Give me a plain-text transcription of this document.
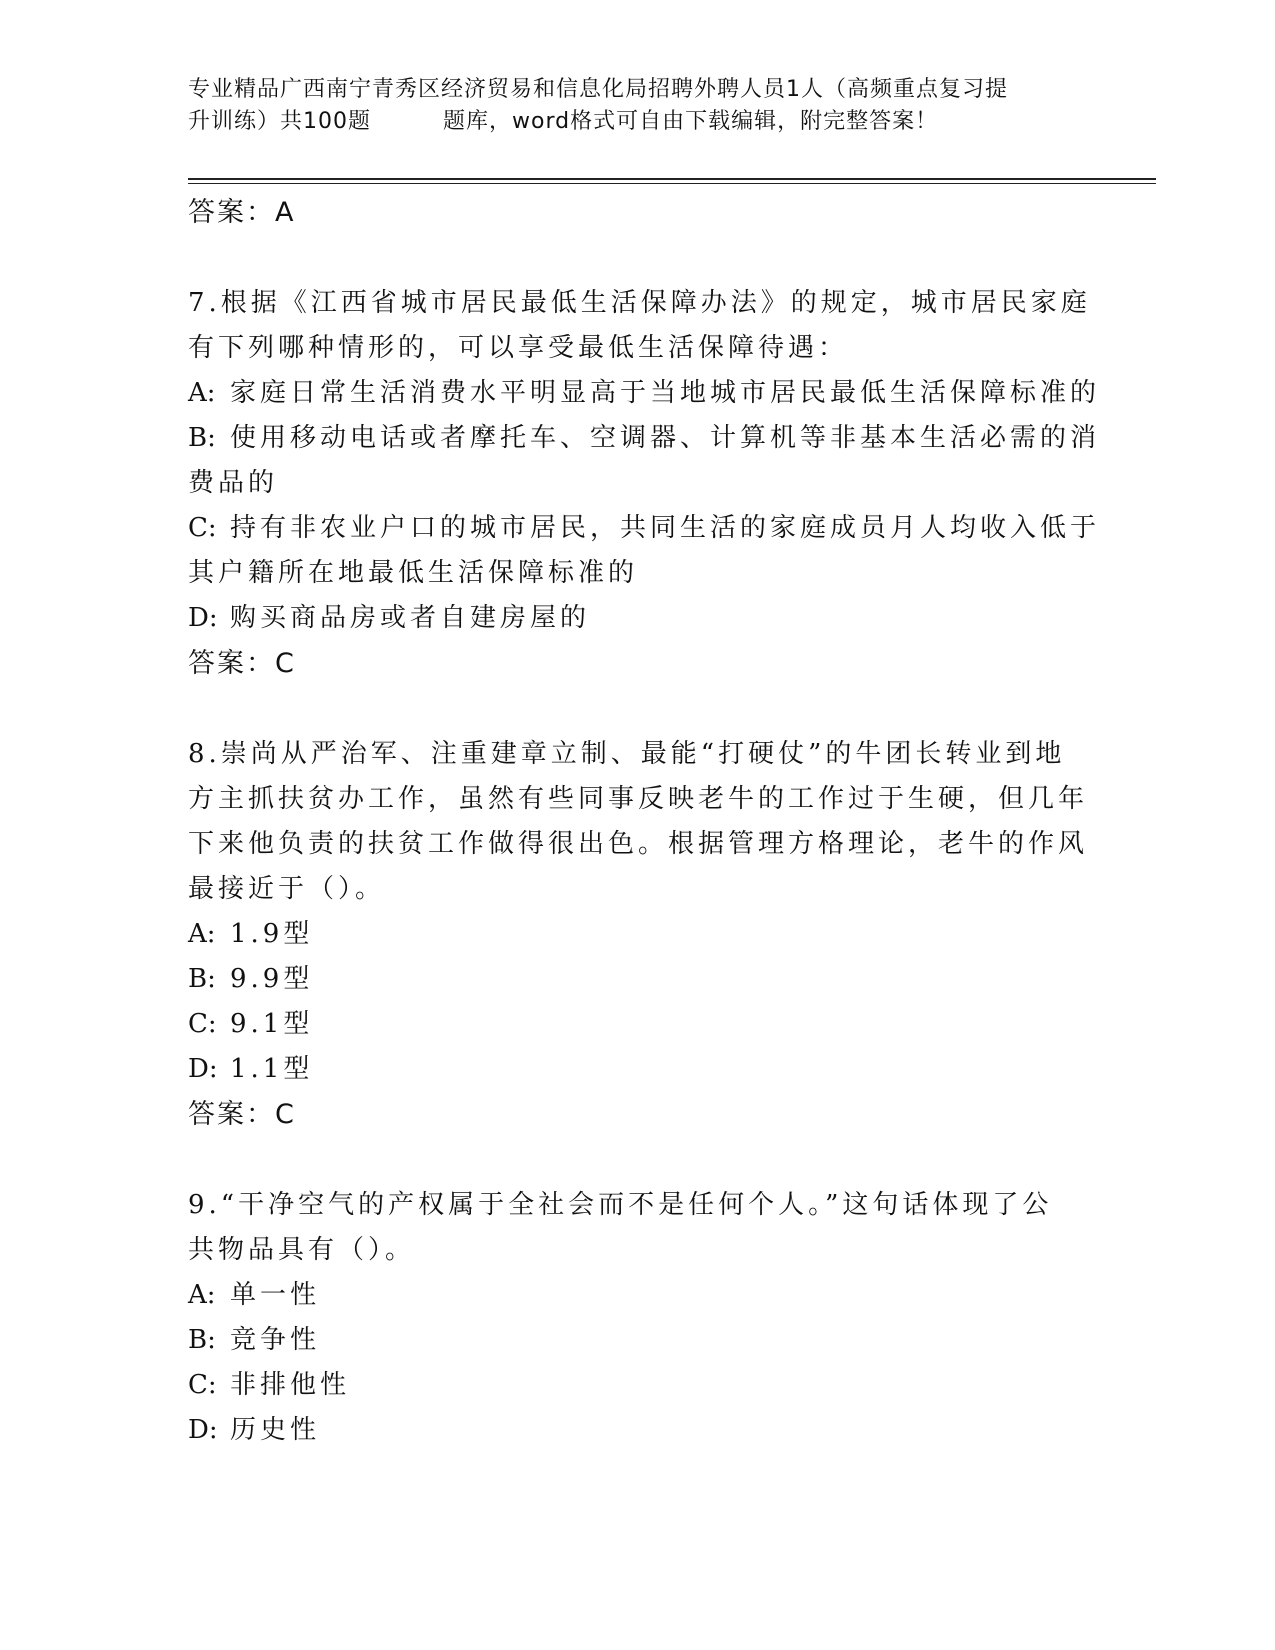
专业精品广西南宁青秀区经济贸易和信息化局招聘外聘人员1人（高频重点复习提
升训练）共100题	题库，word格式可自由下载编辑，附完整答案！
答案：A
7.根据《江西省城市居民最低生活保障办法》的规定，城市居民家庭
有下列哪种情形的，可以享受最低生活保障待遇：
A: 家庭日常生活消费水平明显高于当地城市居民最低生活保障标准的
B: 使用移动电话或者摩托车、空调器、计算机等非基本生活必需的消
费品的
C: 持有非农业户口的城市居民，共同生活的家庭成员月人均收入低于
其户籍所在地最低生活保障标准的
D: 购买商品房或者自建房屋的
答案：C
8.崇尚从严治军、注重建章立制、最能“打硬仗”的牛团长转业到地
方主抓扶贫办工作，虽然有些同事反映老牛的工作过于生硬，但几年
下来他负责的扶贫工作做得很出色。根据管理方格理论，老牛的作风
最接近于（）。
A: 1.9型
B: 9.9型
C: 9.1型
D: 1.1型
答案：C
9.“干净空气的产权属于全社会而不是任何个人。”这句话体现了公
共物品具有（）。
A: 单一性
B: 竞争性
C: 非排他性
D: 历史性
